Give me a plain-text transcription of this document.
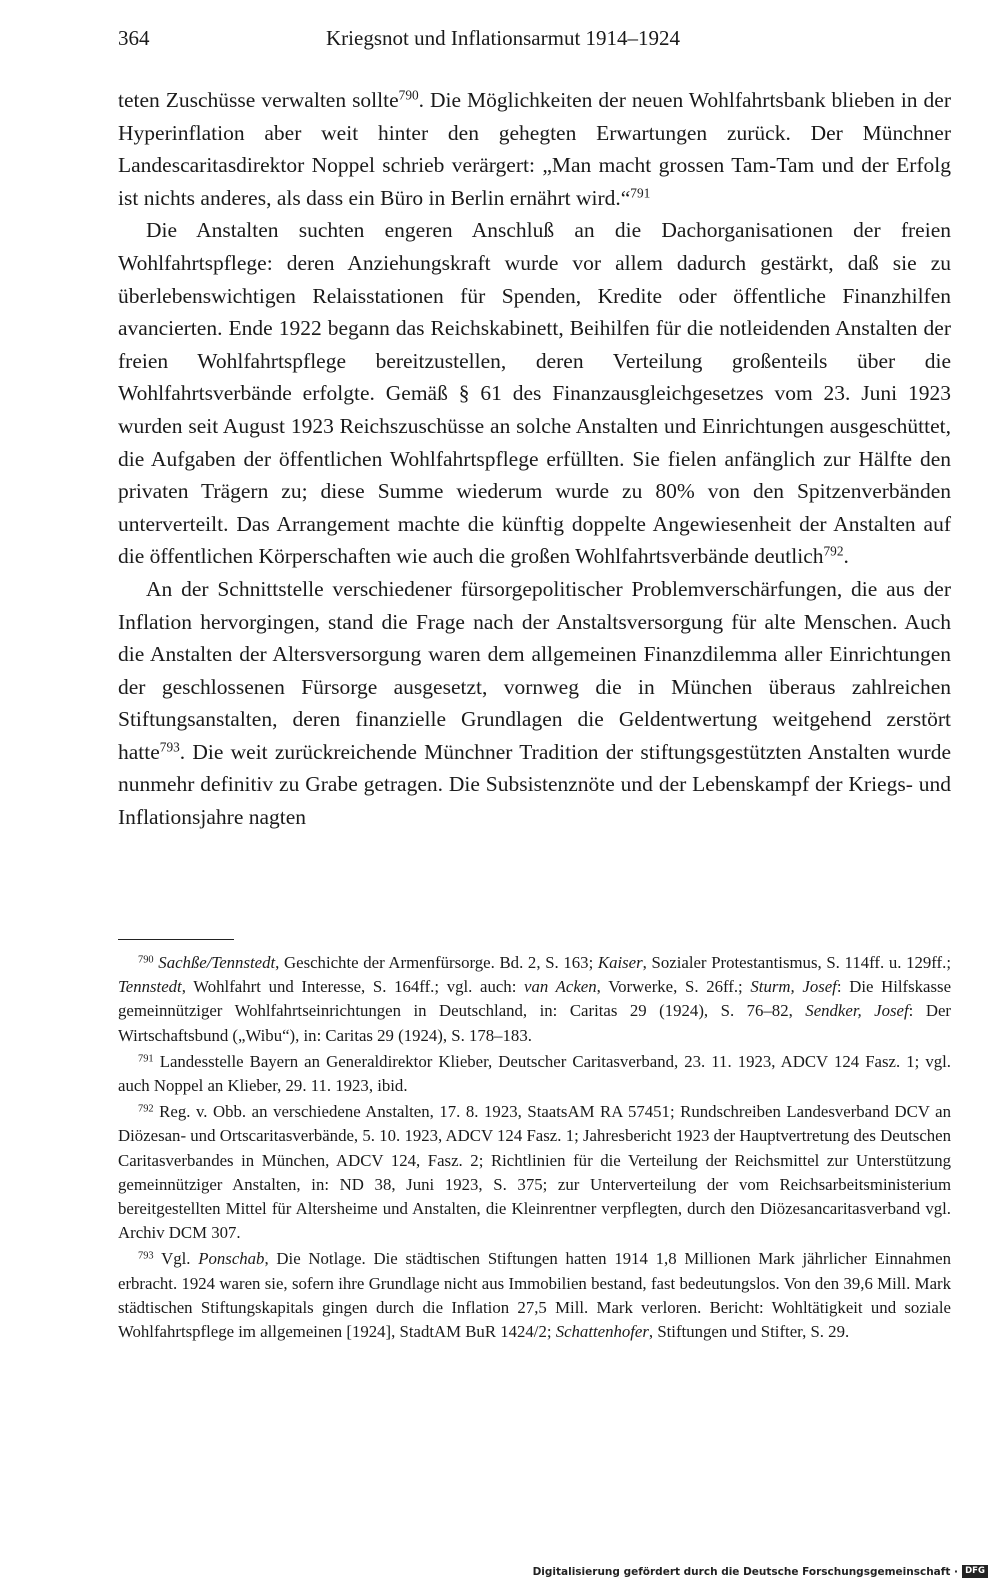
364	Kriegsnot und Inflationsarmut 1914–1924

teten Zuschüsse verwalten sollte$^{790}$. Die Möglichkeiten der neuen Wohlfahrtsbank blieben in der Hyperinflation aber weit hinter den gehegten Erwartungen zurück. Der Münchner Landescaritasdirektor Noppel schrieb verärgert: „Man macht grossen Tam-Tam und der Erfolg ist nichts anderes, als dass ein Büro in Berlin ernährt wird.“$^{791}$

Die Anstalten suchten engeren Anschluß an die Dachorganisationen der freien Wohlfahrtspflege: deren Anziehungskraft wurde vor allem dadurch gestärkt, daß sie zu überlebenswichtigen Relaisstationen für Spenden, Kredite oder öffentliche Finanzhilfen avancierten. Ende 1922 begann das Reichskabinett, Beihilfen für die notleidenden Anstalten der freien Wohlfahrtspflege bereitzustellen, deren Verteilung großenteils über die Wohlfahrtsverbände erfolgte. Gemäß § 61 des Finanzausgleichgesetzes vom 23. Juni 1923 wurden seit August 1923 Reichszuschüsse an solche Anstalten und Einrichtungen ausgeschüttet, die Aufgaben der öffentlichen Wohlfahrtspflege erfüllten. Sie fielen anfänglich zur Hälfte den privaten Trägern zu; diese Summe wiederum wurde zu 80% von den Spitzenverbänden unterverteilt. Das Arrangement machte die künftig doppelte Angewiesenheit der Anstalten auf die öffentlichen Körperschaften wie auch die großen Wohlfahrtsverbände deutlich$^{792}$.

An der Schnittstelle verschiedener fürsorgepolitischer Problemverschärfungen, die aus der Inflation hervorgingen, stand die Frage nach der Anstaltsversorgung für alte Menschen. Auch die Anstalten der Altersversorgung waren dem allgemeinen Finanzdilemma aller Einrichtungen der geschlossenen Fürsorge ausgesetzt, vornweg die in München überaus zahlreichen Stiftungsanstalten, deren finanzielle Grundlagen die Geldentwertung weitgehend zerstört hatte$^{793}$. Die weit zurückreichende Münchner Tradition der stiftungsgestützten Anstalten wurde nunmehr definitiv zu Grabe getragen. Die Subsistenznöte und der Lebenskampf der Kriegs- und Inflationsjahre nagten

$^{790}$ Sachße/Tennstedt, Geschichte der Armenfürsorge. Bd. 2, S. 163; Kaiser, Sozialer Protestantismus, S. 114ff. u. 129ff.; Tennstedt, Wohlfahrt und Interesse, S. 164ff.; vgl. auch: van Acken, Vorwerke, S. 26ff.; Sturm, Josef: Die Hilfskasse gemeinnütziger Wohlfahrtseinrichtungen in Deutschland, in: Caritas 29 (1924), S. 76–82, Sendker, Josef: Der Wirtschaftsbund („Wibu“), in: Caritas 29 (1924), S. 178–183.

$^{791}$ Landesstelle Bayern an Generaldirektor Klieber, Deutscher Caritasverband, 23. 11. 1923, ADCV 124 Fasz. 1; vgl. auch Noppel an Klieber, 29. 11. 1923, ibid.

$^{792}$ Reg. v. Obb. an verschiedene Anstalten, 17. 8. 1923, StaatsAM RA 57451; Rundschreiben Landesverband DCV an Diözesan- und Ortscaritasverbände, 5. 10. 1923, ADCV 124 Fasz. 1; Jahresbericht 1923 der Hauptvertretung des Deutschen Caritasverbandes in München, ADCV 124, Fasz. 2; Richtlinien für die Verteilung der Reichsmittel zur Unterstützung gemeinnütziger Anstalten, in: ND 38, Juni 1923, S. 375; zur Unterverteilung der vom Reichsarbeitsministerium bereitgestellten Mittel für Altersheime und Anstalten, die Kleinrentner verpflegten, durch den Diözesancaritasverband vgl. Archiv DCM 307.

$^{793}$ Vgl. Ponschab, Die Notlage. Die städtischen Stiftungen hatten 1914 1,8 Millionen Mark jährlicher Einnahmen erbracht. 1924 waren sie, sofern ihre Grundlage nicht aus Immobilien bestand, fast bedeutungslos. Von den 39,6 Mill. Mark städtischen Stiftungskapitals gingen durch die Inflation 27,5 Mill. Mark verloren. Bericht: Wohltätigkeit und soziale Wohlfahrtspflege im allgemeinen [1924], StadtAM BuR 1424/2; Schattenhofer, Stiftungen und Stifter, S. 29.

Digitalisierung gefördert durch die Deutsche Forschungsgemeinschaft · DFG
